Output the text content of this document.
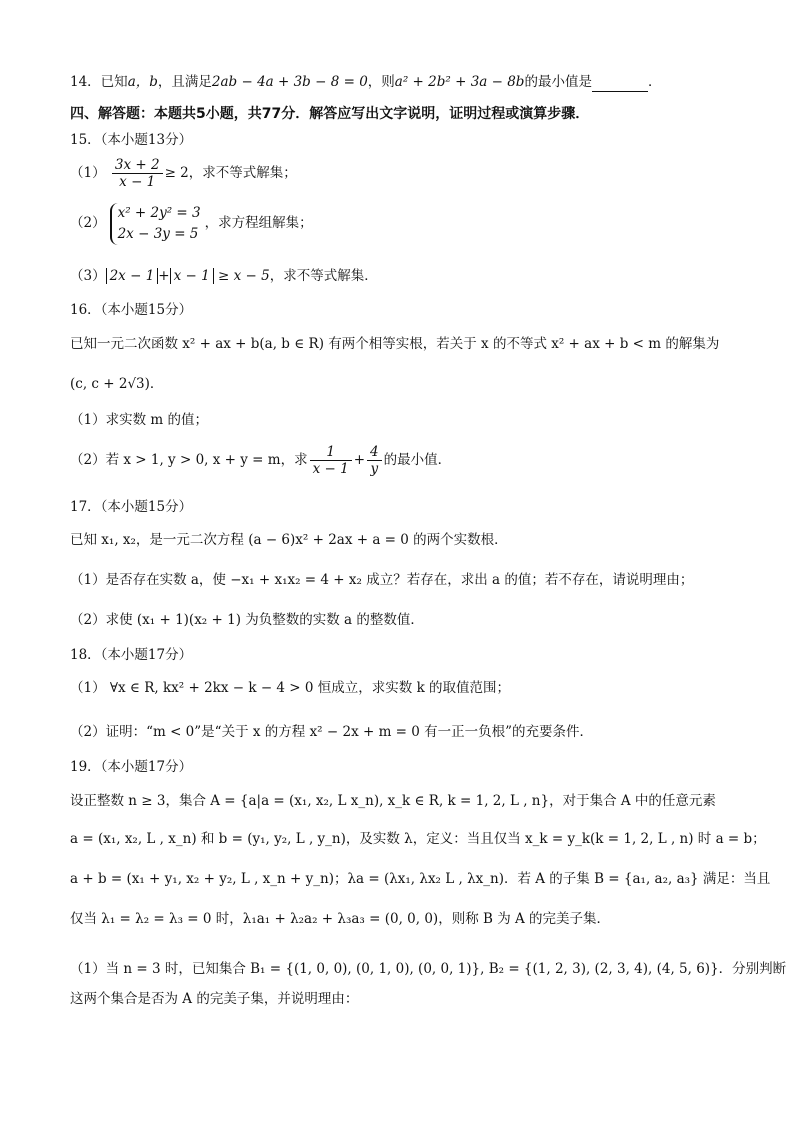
14．已知a，b，且满足2ab − 4a + 3b − 8 = 0，则a² + 2b² + 3a − 8b的最小值是	．
四、解答题：本题共5小题，共77分．解答应写出文字说明，证明过程或演算步骤．
15．（本小题13分）
$(1) \frac{3x + 2}{x - 1} \ge 2$，求不等式解集；
（2）
x² + 2y² = 3
2x − 3y = 5
，求方程组解集；
（3） 2x − 1 + x − 1 ≥ x − 5，求不等式解集．
16．（本小题15分）
已知一元二次函数 x² + ax + b(a, b ∈ R) 有两个相等实根，若关于 x 的不等式 x² + ax + b < m 的解集为
(c, c + 2√3)．
（1）求实数 m 的值；
（2）若 x > 1, y > 0, x + y = m，求 $\frac{1}{x - 1} + \frac{4}{y}$ 的最小值．
17．（本小题15分）
已知 x₁, x₂，是一元二次方程 (a − 6)x² + 2ax + a = 0 的两个实数根．
（1）是否存在实数 a，使 −x₁ + x₁x₂ = 4 + x₂ 成立？若存在，求出 a 的值；若不存在，请说明理由；
（2）求使 (x₁ + 1)(x₂ + 1) 为负整数的实数 a 的整数值．
18．（本小题17分）
（1） ∀x ∈ R, kx² + 2kx − k − 4 > 0 恒成立，求实数 k 的取值范围；
（2）证明：“m < 0”是“关于 x 的方程 x² − 2x + m = 0 有一正一负根”的充要条件．
19．（本小题17分）
设正整数 n ≥ 3，集合 A = {a|a = (x₁, x₂, L x_n), x_k ∈ R, k = 1, 2, L , n}，对于集合 A 中的任意元素
a = (x₁, x₂, L , x_n) 和 b = (y₁, y₂, L , y_n)，及实数 λ，定义：当且仅当 x_k = y_k(k = 1, 2, L , n) 时 a = b；
a + b = (x₁ + y₁, x₂ + y₂, L , x_n + y_n)；λa = (λx₁, λx₂ L , λx_n)．若 A 的子集 B = {a₁, a₂, a₃} 满足：当且
仅当 λ₁ = λ₂ = λ₃ = 0 时，λ₁a₁ + λ₂a₂ + λ₃a₃ = (0, 0, 0)，则称 B 为 A 的完美子集．
（1）当 n = 3 时，已知集合 B₁ = {(1, 0, 0), (0, 1, 0), (0, 0, 1)}, B₂ = {(1, 2, 3), (2, 3, 4), (4, 5, 6)}．分别判断
这两个集合是否为 A 的完美子集，并说明理由：
